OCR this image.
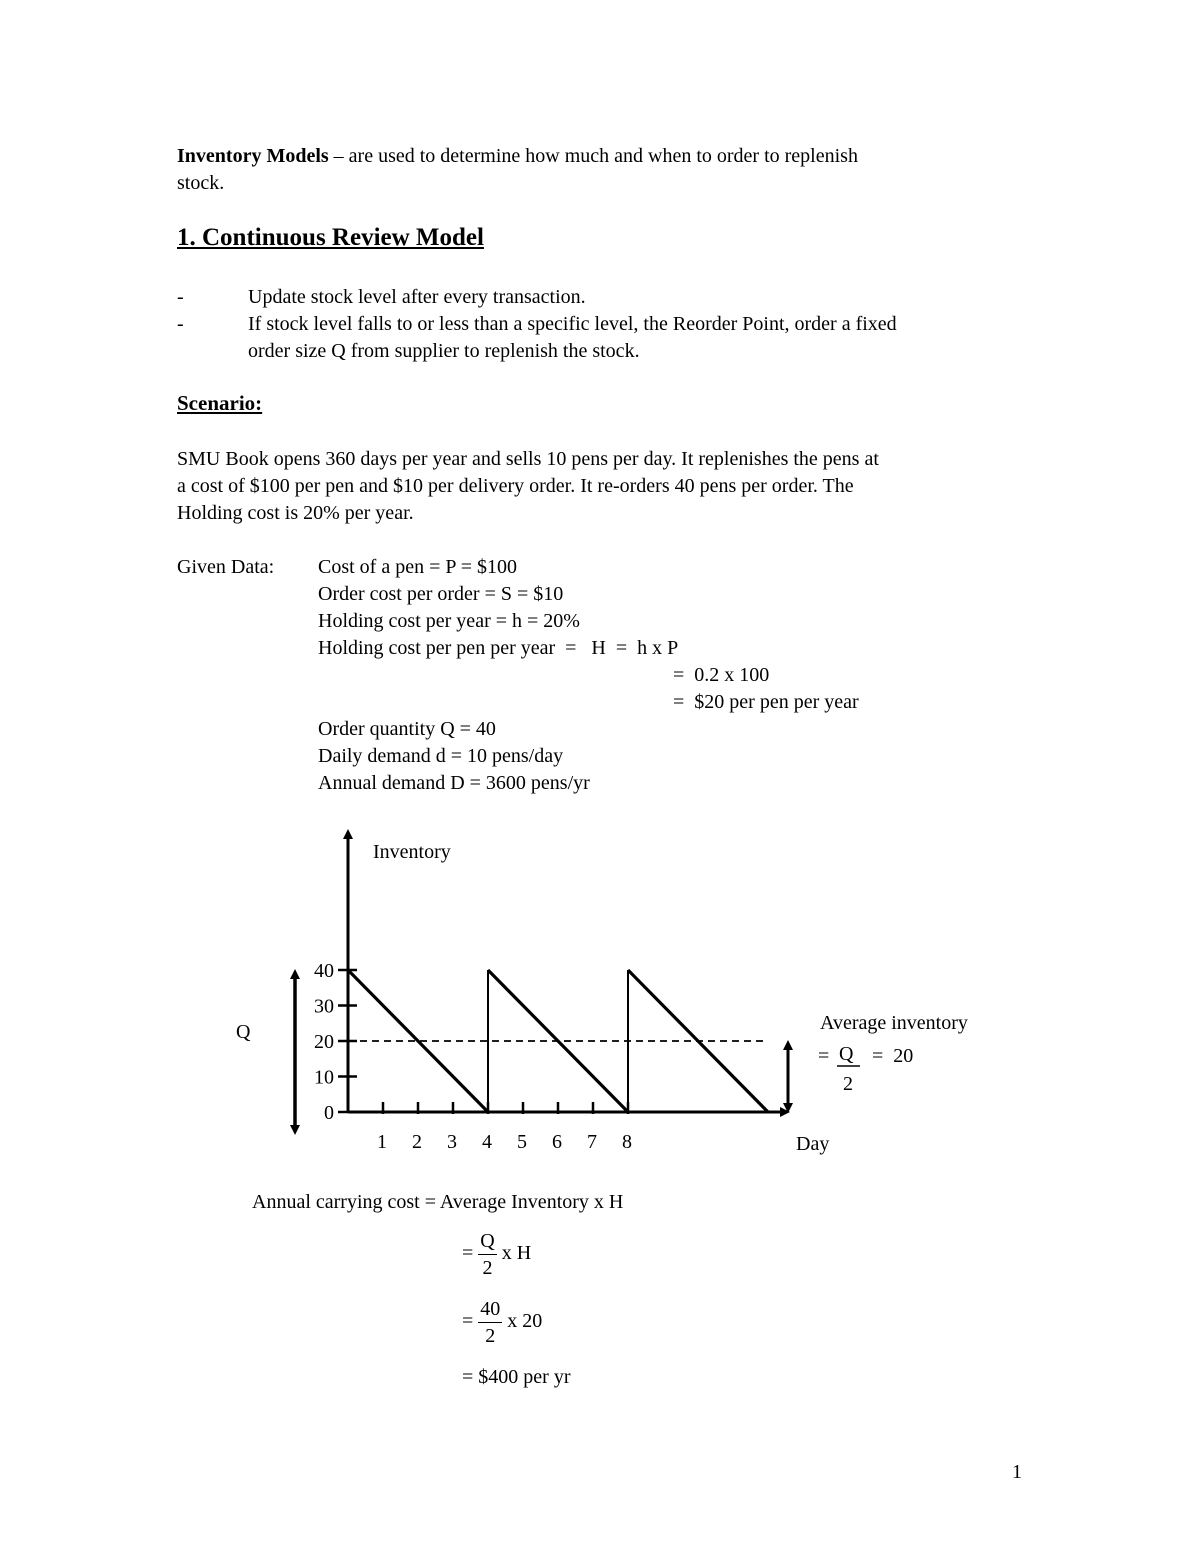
Inventory Models – are used to determine how much and when to order to replenish
stock.
1. Continuous Review Model
-	Update stock level after every transaction.
-	If stock level falls to or less than a specific level, the Reorder Point, order a fixed
order size Q from supplier to replenish the stock.
Scenario:
SMU Book opens 360 days per year and sells 10 pens per day. It replenishes the pens at
a cost of $100 per pen and $10 per delivery order. It re-orders 40 pens per order. The
Holding cost is 20% per year.
Given Data: Cost of a pen = P = $100
Order cost per order = S = $10
Holding cost per year = h = 20%
Holding cost per pen per year  =   H  =  h x P
=  0.2 x 100
=  $20 per pen per year
Order quantity Q = 40
Daily demand d = 10 pens/day
Annual demand D = 3600 pens/yr
0
10
20
30
40
1 2 3 4 5 6 7 8
Inventory
Day
Q	Average inventory
= Q
2
=  20
Annual carrying cost = Average Inventory x H
= $\frac{Q}{2}$ x H
= $\frac{40}{2}$ x 20
= $400 per yr
1
